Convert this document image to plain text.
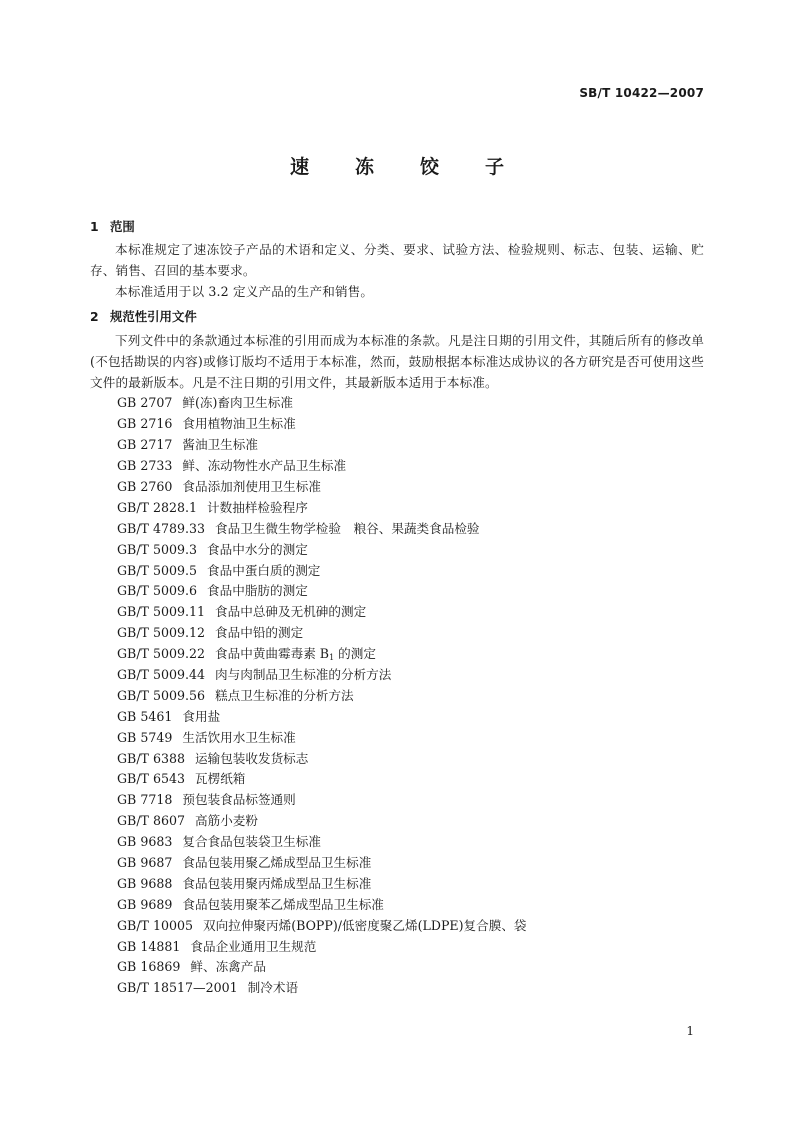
SB/T 10422—2007
速冻饺子
1 范围

本标准规定了速冻饺子产品的术语和定义、分类、要求、试验方法、检验规则、标志、包装、运输、贮存、销售、召回的基本要求。

本标准适用于以 3.2 定义产品的生产和销售。

2 规范性引用文件

下列文件中的条款通过本标准的引用而成为本标准的条款。凡是注日期的引用文件，其随后所有的修改单(不包括勘误的内容)或修订版均不适用于本标准，然而，鼓励根据本标准达成协议的各方研究是否可使用这些文件的最新版本。凡是不注日期的引用文件，其最新版本适用于本标准。

GB 2707 鲜(冻)畜肉卫生标准
GB 2716 食用植物油卫生标准
GB 2717 酱油卫生标准
GB 2733 鲜、冻动物性水产品卫生标准
GB 2760 食品添加剂使用卫生标准
GB/T 2828.1 计数抽样检验程序
GB/T 4789.33 食品卫生微生物学检验　粮谷、果蔬类食品检验
GB/T 5009.3 食品中水分的测定
GB/T 5009.5 食品中蛋白质的测定
GB/T 5009.6 食品中脂肪的测定
GB/T 5009.11 食品中总砷及无机砷的测定
GB/T 5009.12 食品中铅的测定
GB/T 5009.22 食品中黄曲霉毒素 $B_1$ 的测定
GB/T 5009.44 肉与肉制品卫生标准的分析方法
GB/T 5009.56 糕点卫生标准的分析方法
GB 5461 食用盐
GB 5749 生活饮用水卫生标准
GB/T 6388 运输包装收发货标志
GB/T 6543 瓦楞纸箱
GB 7718 预包装食品标签通则
GB/T 8607 高筋小麦粉
GB 9683 复合食品包装袋卫生标准
GB 9687 食品包装用聚乙烯成型品卫生标准
GB 9688 食品包装用聚丙烯成型品卫生标准
GB 9689 食品包装用聚苯乙烯成型品卫生标准
GB/T 10005 双向拉伸聚丙烯(BOPP)/低密度聚乙烯(LDPE)复合膜、袋
GB 14881 食品企业通用卫生规范
GB 16869 鲜、冻禽产品
GB/T 18517—2001 制冷术语
1
